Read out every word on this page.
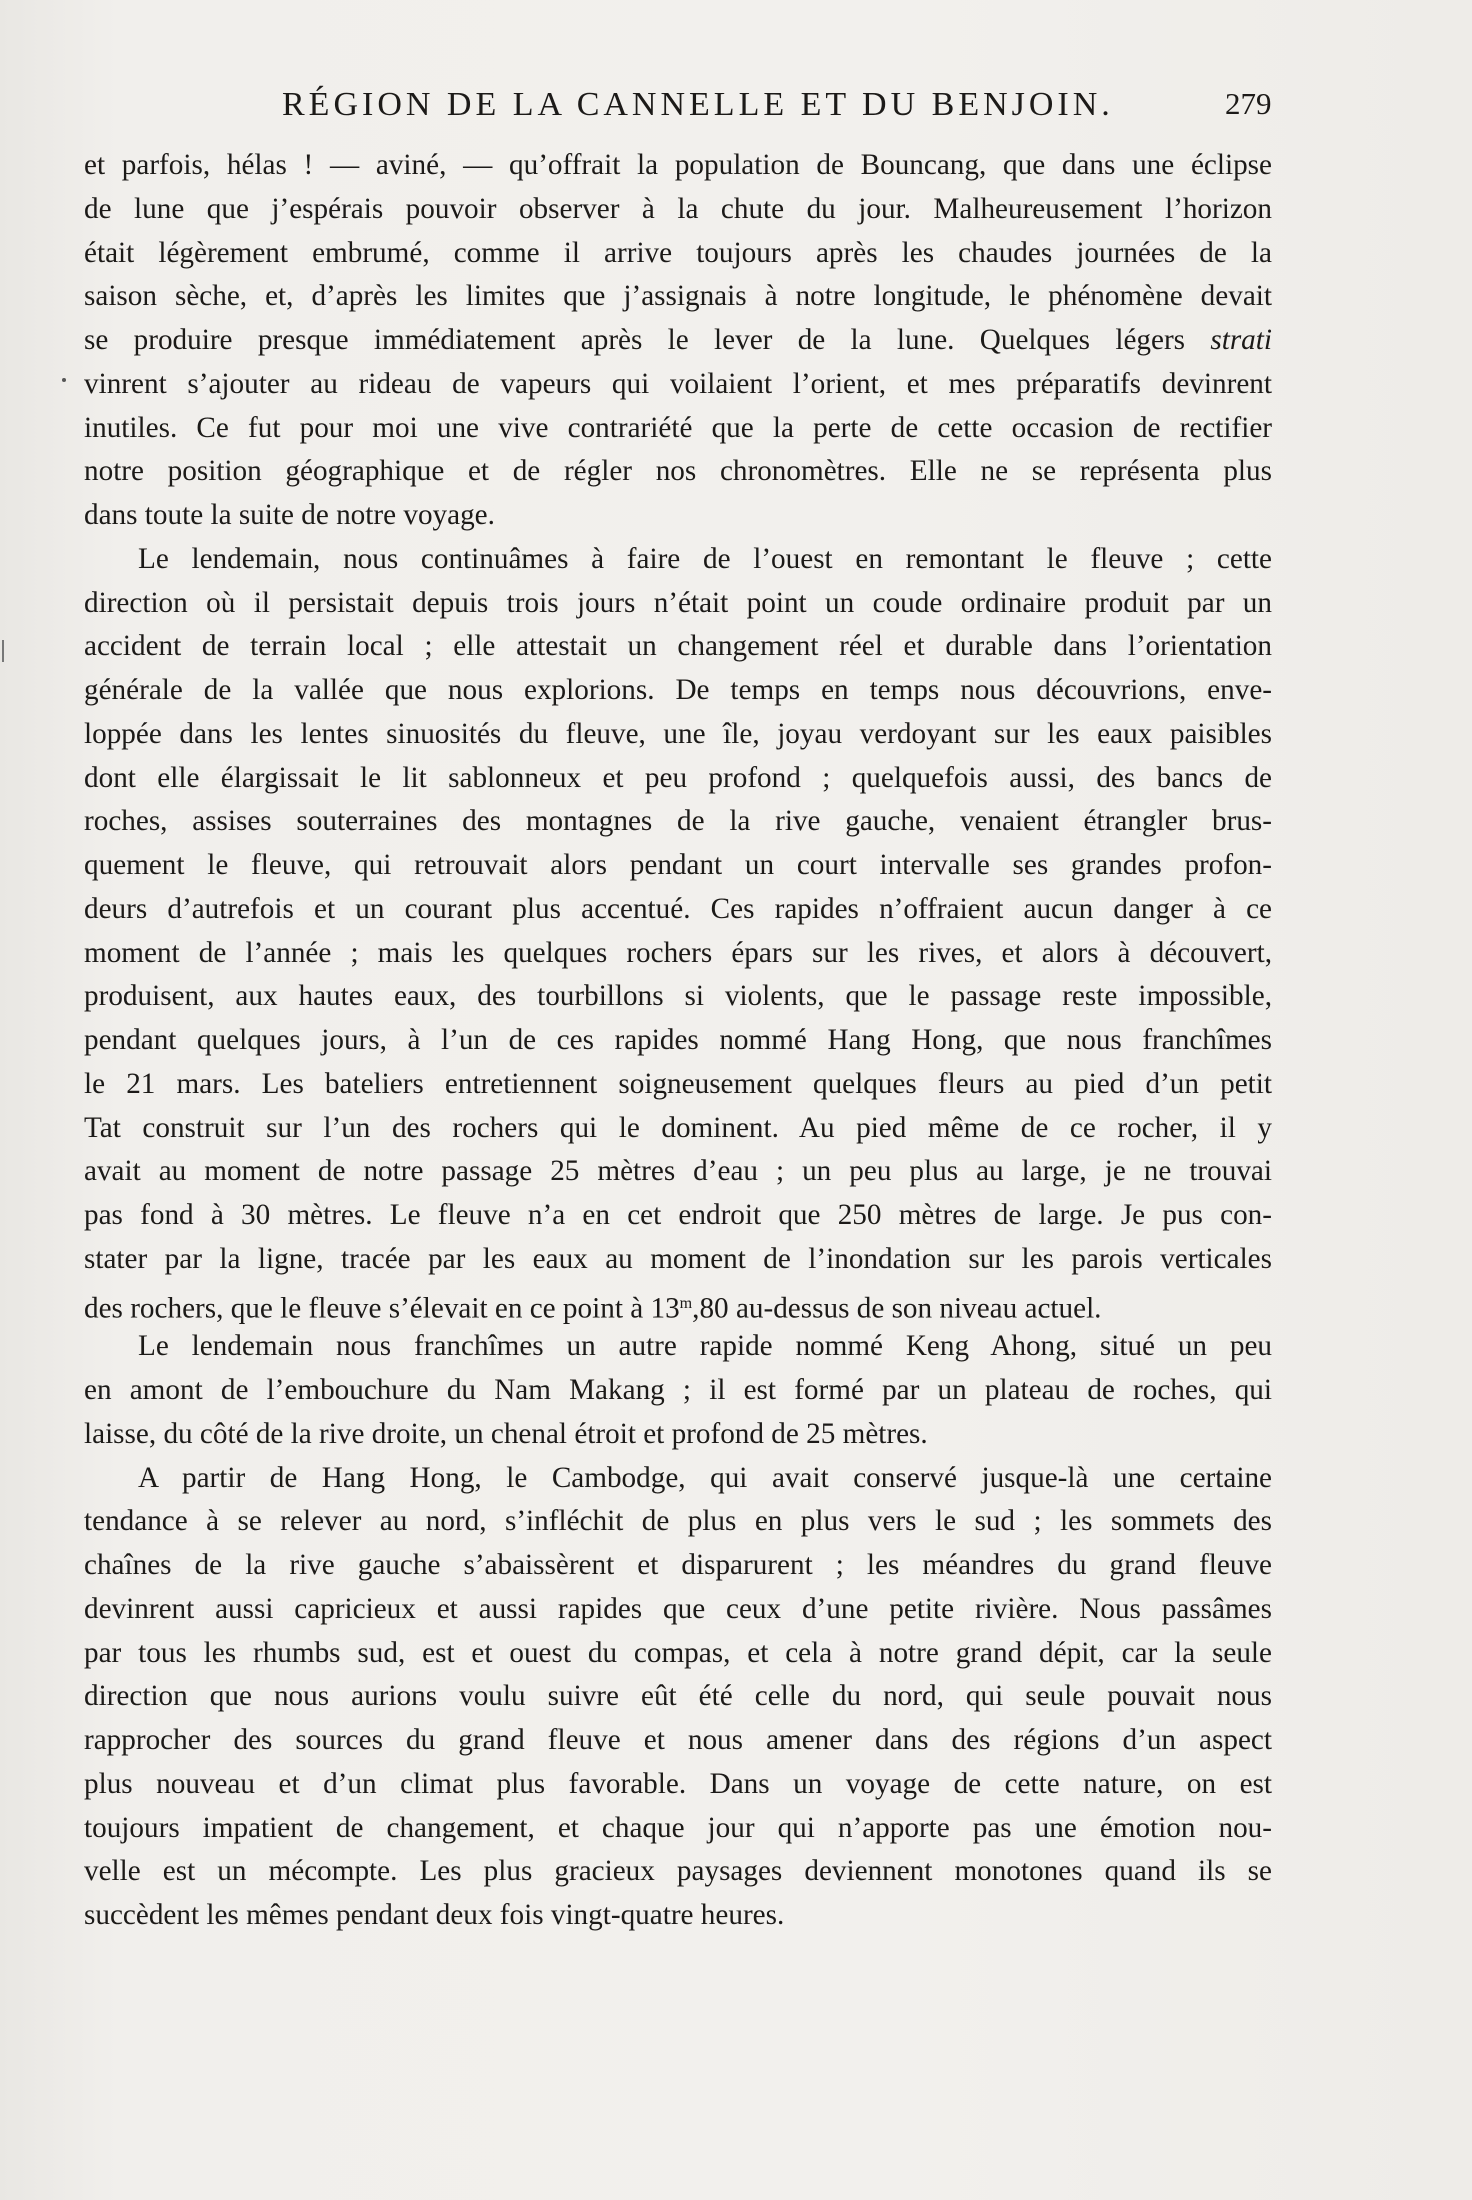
RÉGION DE LA CANNELLE ET DU BENJOIN.	279
et parfois, hélas ! — aviné, — qu’offrait la population de Bouncang, que dans une éclipse
de lune que j’espérais pouvoir observer à la chute du jour. Malheureusement l’horizon
était légèrement embrumé, comme il arrive toujours après les chaudes journées de la
saison sèche, et, d’après les limites que j’assignais à notre longitude, le phénomène devait
se produire presque immédiatement après le lever de la lune. Quelques légers strati
vinrent s’ajouter au rideau de vapeurs qui voilaient l’orient, et mes préparatifs devinrent
inutiles. Ce fut pour moi une vive contrariété que la perte de cette occasion de rectifier
notre position géographique et de régler nos chronomètres. Elle ne se représenta plus
dans toute la suite de notre voyage.
Le lendemain, nous continuâmes à faire de l’ouest en remontant le fleuve ; cette
direction où il persistait depuis trois jours n’était point un coude ordinaire produit par un
accident de terrain local ; elle attestait un changement réel et durable dans l’orientation
générale de la vallée que nous explorions. De temps en temps nous découvrions, enve-
loppée dans les lentes sinuosités du fleuve, une île, joyau verdoyant sur les eaux paisibles
dont elle élargissait le lit sablonneux et peu profond ; quelquefois aussi, des bancs de
roches, assises souterraines des montagnes de la rive gauche, venaient étrangler brus-
quement le fleuve, qui retrouvait alors pendant un court intervalle ses grandes profon-
deurs d’autrefois et un courant plus accentué. Ces rapides n’offraient aucun danger à ce
moment de l’année ; mais les quelques rochers épars sur les rives, et alors à découvert,
produisent, aux hautes eaux, des tourbillons si violents, que le passage reste impossible,
pendant quelques jours, à l’un de ces rapides nommé Hang Hong, que nous franchîmes
le 21 mars. Les bateliers entretiennent soigneusement quelques fleurs au pied d’un petit
Tat construit sur l’un des rochers qui le dominent. Au pied même de ce rocher, il y
avait au moment de notre passage 25 mètres d’eau ; un peu plus au large, je ne trouvai
pas fond à 30 mètres. Le fleuve n’a en cet endroit que 250 mètres de large. Je pus con-
stater par la ligne, tracée par les eaux au moment de l’inondation sur les parois verticales
des rochers, que le fleuve s’élevait en ce point à 13$^m$,80 au-dessus de son niveau actuel.
Le lendemain nous franchîmes un autre rapide nommé Keng Ahong, situé un peu
en amont de l’embouchure du Nam Makang ; il est formé par un plateau de roches, qui
laisse, du côté de la rive droite, un chenal étroit et profond de 25 mètres.
A partir de Hang Hong, le Cambodge, qui avait conservé jusque-là une certaine
tendance à se relever au nord, s’infléchit de plus en plus vers le sud ; les sommets des
chaînes de la rive gauche s’abaissèrent et disparurent ; les méandres du grand fleuve
devinrent aussi capricieux et aussi rapides que ceux d’une petite rivière. Nous passâmes
par tous les rhumbs sud, est et ouest du compas, et cela à notre grand dépit, car la seule
direction que nous aurions voulu suivre eût été celle du nord, qui seule pouvait nous
rapprocher des sources du grand fleuve et nous amener dans des régions d’un aspect
plus nouveau et d’un climat plus favorable. Dans un voyage de cette nature, on est
toujours impatient de changement, et chaque jour qui n’apporte pas une émotion nou-
velle est un mécompte. Les plus gracieux paysages deviennent monotones quand ils se
succèdent les mêmes pendant deux fois vingt-quatre heures.
